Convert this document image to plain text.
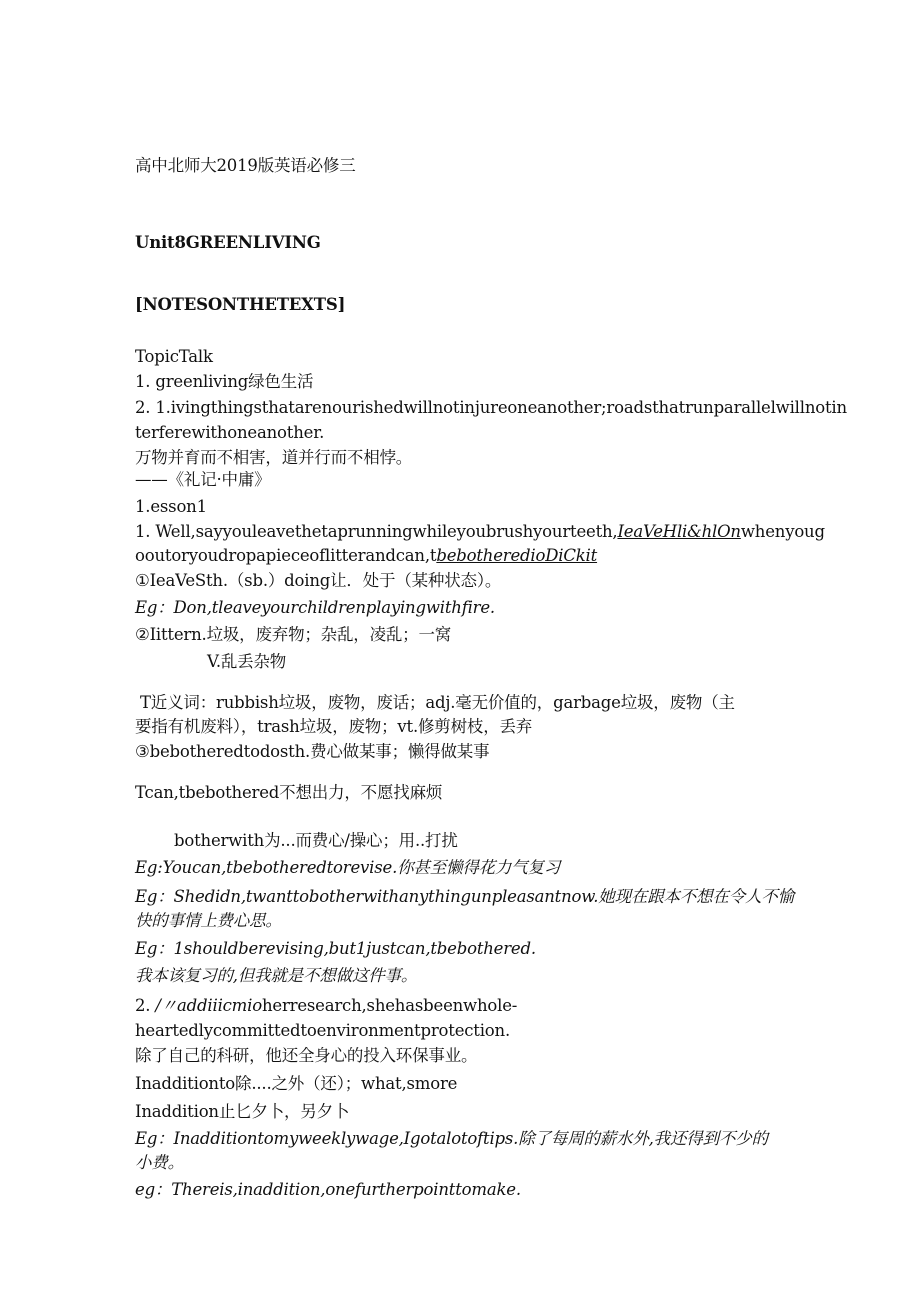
高中北师大2019版英语必修三
Unit8GREENLIVING
[NOTESONTHETEXTS]
TopicTalk
1. greenliving绿色生活
2. 1.ivingthingsthatarenourishedwillnotinjureoneanother;roadsthatrunparallelwillnotin
terferewithoneanother.
万物并育而不相害，道并行而不相悖。
——《礼记·中庸》
1.esson1
1. Well,sayyouleavethetaprunningwhileyoubrushyourteeth,IeaVeHli&hlOnwhenyoug
ooutoryoudropapieceoflitterandcan,tbebotheredioDiCkit
①IeaVeSth.（sb.）doing让．处于（某种状态）。
Eg：Don,tleaveyourchildrenplayingwithfire.
②Iittern.垃圾，废弃物；杂乱，凌乱；一窝
V.乱丢杂物
T近义词：rubbish垃圾，废物，废话；adj.毫无价值的，garbage垃圾，废物（主
要指有机废料），trash垃圾，废物；vt.修剪树枝，丢弃
③bebotheredtodosth.费心做某事；懒得做某事
Tcan,tbebothered不想出力，不愿找麻烦
botherwith为...而费心/操心；用..打扰
Eg:Youcan,tbebotheredtorevise.你甚至懒得花力气复习
Eg：Shedidn,twanttobotherwithanythingunpleasantnow.她现在跟本不想在令人不愉
快的事情上费心思。
Eg：1shouldberevising,but1justcan,tbebothered.
我本该复习的,但我就是不想做这件事。
2. /〃addiiicmioherresearch,shehasbeenwhole-
heartedlycommittedtoenvironmentprotection.
除了自己的科研，他还全身心的投入环保事业。
Inadditionto除....之外（还）；what,smore
Inaddition止匕夕卜，另夕卜
Eg：Inadditiontomyweeklywage,Igotalotoftips.除了每周的薪水外,我还得到不少的
小费。
eg：Thereis,inaddition,onefurtherpointtomake.
